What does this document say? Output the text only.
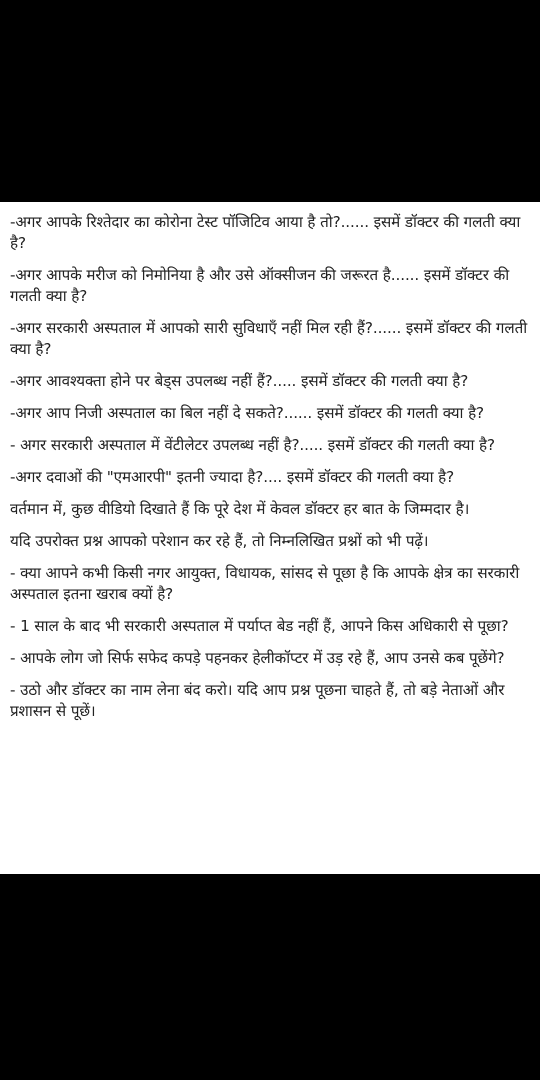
-अगर आपके रिश्तेदार का कोरोना टेस्ट पॉजिटिव आया है तो?...... इसमें डॉक्टर की गलती क्या है?

-अगर आपके मरीज को निमोनिया है और उसे ऑक्सीजन की जरूरत है...... इसमें डॉक्टर की गलती क्या है?

-अगर सरकारी अस्पताल में आपको सारी सुविधाएँ नहीं मिल रही हैं?...... इसमें डॉक्टर की गलती क्या है?

-अगर आवश्यक्ता होने पर बेड्स उपलब्ध नहीं हैं?..... इसमें डॉक्टर की गलती क्या है?

-अगर आप निजी अस्पताल का बिल नहीं दे सकते?...... इसमें डॉक्टर की गलती क्या है?

- अगर सरकारी अस्पताल में वेंटीलेटर उपलब्ध नहीं है?..... इसमें डॉक्टर की गलती क्या है?

-अगर दवाओं की "एमआरपी" इतनी ज्यादा है?.... इसमें डॉक्टर की गलती क्या है?

वर्तमान में, कुछ वीडियो दिखाते हैं कि पूरे देश में केवल डॉक्टर हर बात के जिम्मदार है।

यदि उपरोक्त प्रश्न आपको परेशान कर रहे हैं, तो निम्नलिखित प्रश्नों को भी पढ़ें।

- क्या आपने कभी किसी नगर आयुक्त, विधायक, सांसद से पूछा है कि आपके क्षेत्र का सरकारी अस्पताल इतना खराब क्यों है?

- 1 साल के बाद भी सरकारी अस्पताल में पर्याप्त बेड नहीं हैं, आपने किस अधिकारी से पूछा?

- आपके लोग जो सिर्फ सफेद कपड़े पहनकर हेलीकॉप्टर में उड़ रहे हैं, आप उनसे कब पूछेंगे?

- उठो और डॉक्टर का नाम लेना बंद करो। यदि आप प्रश्न पूछना चाहते हैं, तो बड़े नेताओं और प्रशासन से पूछें।
